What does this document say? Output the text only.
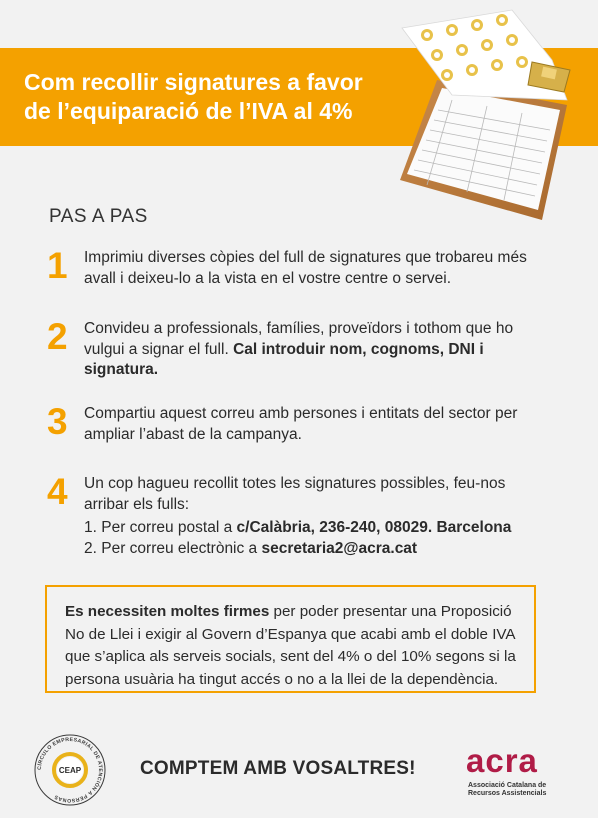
Com recollir signatures a favor
de l’equiparació de l’IVA al 4%
PAS A PAS
1	Imprimiu diverses còpies del full de signatures que trobareu més avall i deixeu-lo a la vista en el vostre centre o servei.
2	Convideu a professionals, famílies, proveïdors i tothom que ho vulgui a signar el full. Cal introduir nom, cognoms, DNI i signatura.
3	Compartiu aquest correu amb persones i entitats del sector per ampliar l’abast de la campanya.
4	Un cop hagueu recollit totes les signatures possibles, feu-nos arribar els fulls:
1. Per correu postal a c/Calàbria, 236-240, 08029. Barcelona
2. Per correu electrònic a secretaria2@acra.cat
Es necessiten moltes firmes per poder presentar una Proposició No de Llei i exigir al Govern d’Espanya que acabi amb el doble IVA que s’aplica als serveis socials, sent del 4% o del 10% segons si la persona usuària ha tingut accés o no a la llei de la dependència.
CÍRCULO EMPRESARIAL DE ATENCIÓN A PERSONAS
CEAP	COMPTEM AMB VOSALTRES! acra
Associació Catalana de
Recursos Assistencials
